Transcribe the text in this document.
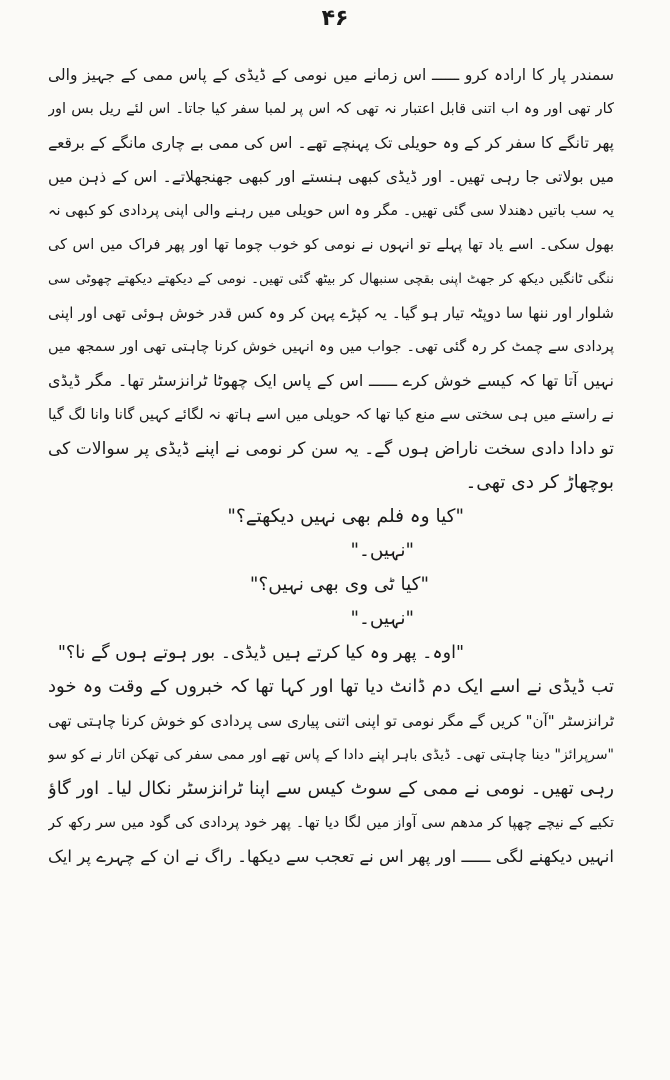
۴۶
سمندر پار کا ارادہ کرو ــــــ اس زمانے میں نومی کے ڈیڈی کے پاس ممی کے جہیز والی
کار تھی اور وہ اب اتنی قابل اعتبار نہ تھی کہ اس پر لمبا سفر کیا جاتا۔ اس لئے ریل بس اور
پھر تانگے کا سفر کر کے وہ حویلی تک پہنچے تھے۔ اس کی ممی بے چاری مانگے کے برقعے
میں بولاتی جا رہی تھیں۔ اور ڈیڈی کبھی ہنستے اور کبھی جھنجھلاتے۔ اس کے ذہن میں
یہ سب باتیں دھندلا سی گئی تھیں۔ مگر وہ اس حویلی میں رہنے والی اپنی پردادی کو کبھی نہ
بھول سکی۔ اسے یاد تھا پہلے تو انہوں نے نومی کو خوب چوما تھا اور پھر فراک میں اس کی
ننگی ٹانگیں دیکھ کر جھٹ اپنی بقچی سنبھال کر بیٹھ گئی تھیں۔ نومی کے دیکھتے دیکھتے چھوٹی سی
شلوار اور ننھا سا دوپٹہ تیار ہو گیا۔ یہ کپڑے پہن کر وہ کس قدر خوش ہوئی تھی اور اپنی
پردادی سے چمٹ کر رہ گئی تھی۔ جواب میں وہ انہیں خوش کرنا چاہتی تھی اور سمجھ میں
نہیں آتا تھا کہ کیسے خوش کرے ــــــ اس کے پاس ایک چھوٹا ٹرانزسٹر تھا۔ مگر ڈیڈی
نے راستے میں ہی سختی سے منع کیا تھا کہ حویلی میں اسے ہاتھ نہ لگائے کہیں گانا وانا لگ گیا
تو دادا دادی سخت ناراض ہوں گے۔ یہ سن کر نومی نے اپنے ڈیڈی پر سوالات کی
بوچھاڑ کر دی تھی۔
"کیا وہ فلم بھی نہیں دیکھتے؟"
"نہیں۔"
"کیا ٹی وی بھی نہیں؟"
"نہیں۔"
"اوہ۔ پھر وہ کیا کرتے ہیں ڈیڈی۔ بور ہوتے ہوں گے نا؟"
تب ڈیڈی نے اسے ایک دم ڈانٹ دیا تھا اور کہا تھا کہ خبروں کے وقت وہ خود
ٹرانزسٹر "آن" کریں گے مگر نومی تو اپنی اتنی پیاری سی پردادی کو خوش کرنا چاہتی تھی
"سرپرائز" دینا چاہتی تھی۔ ڈیڈی باہر اپنے دادا کے پاس تھے اور ممی سفر کی تھکن اتار نے کو سو
رہی تھیں۔ نومی نے ممی کے سوٹ کیس سے اپنا ٹرانزسٹر نکال لیا۔ اور گاؤ
تکیے کے نیچے چھپا کر مدھم سی آواز میں لگا دیا تھا۔ پھر خود پردادی کی گود میں سر رکھ کر
انہیں دیکھنے لگی ــــــ اور پھر اس نے تعجب سے دیکھا۔ راگ نے ان کے چہرے پر ایک
